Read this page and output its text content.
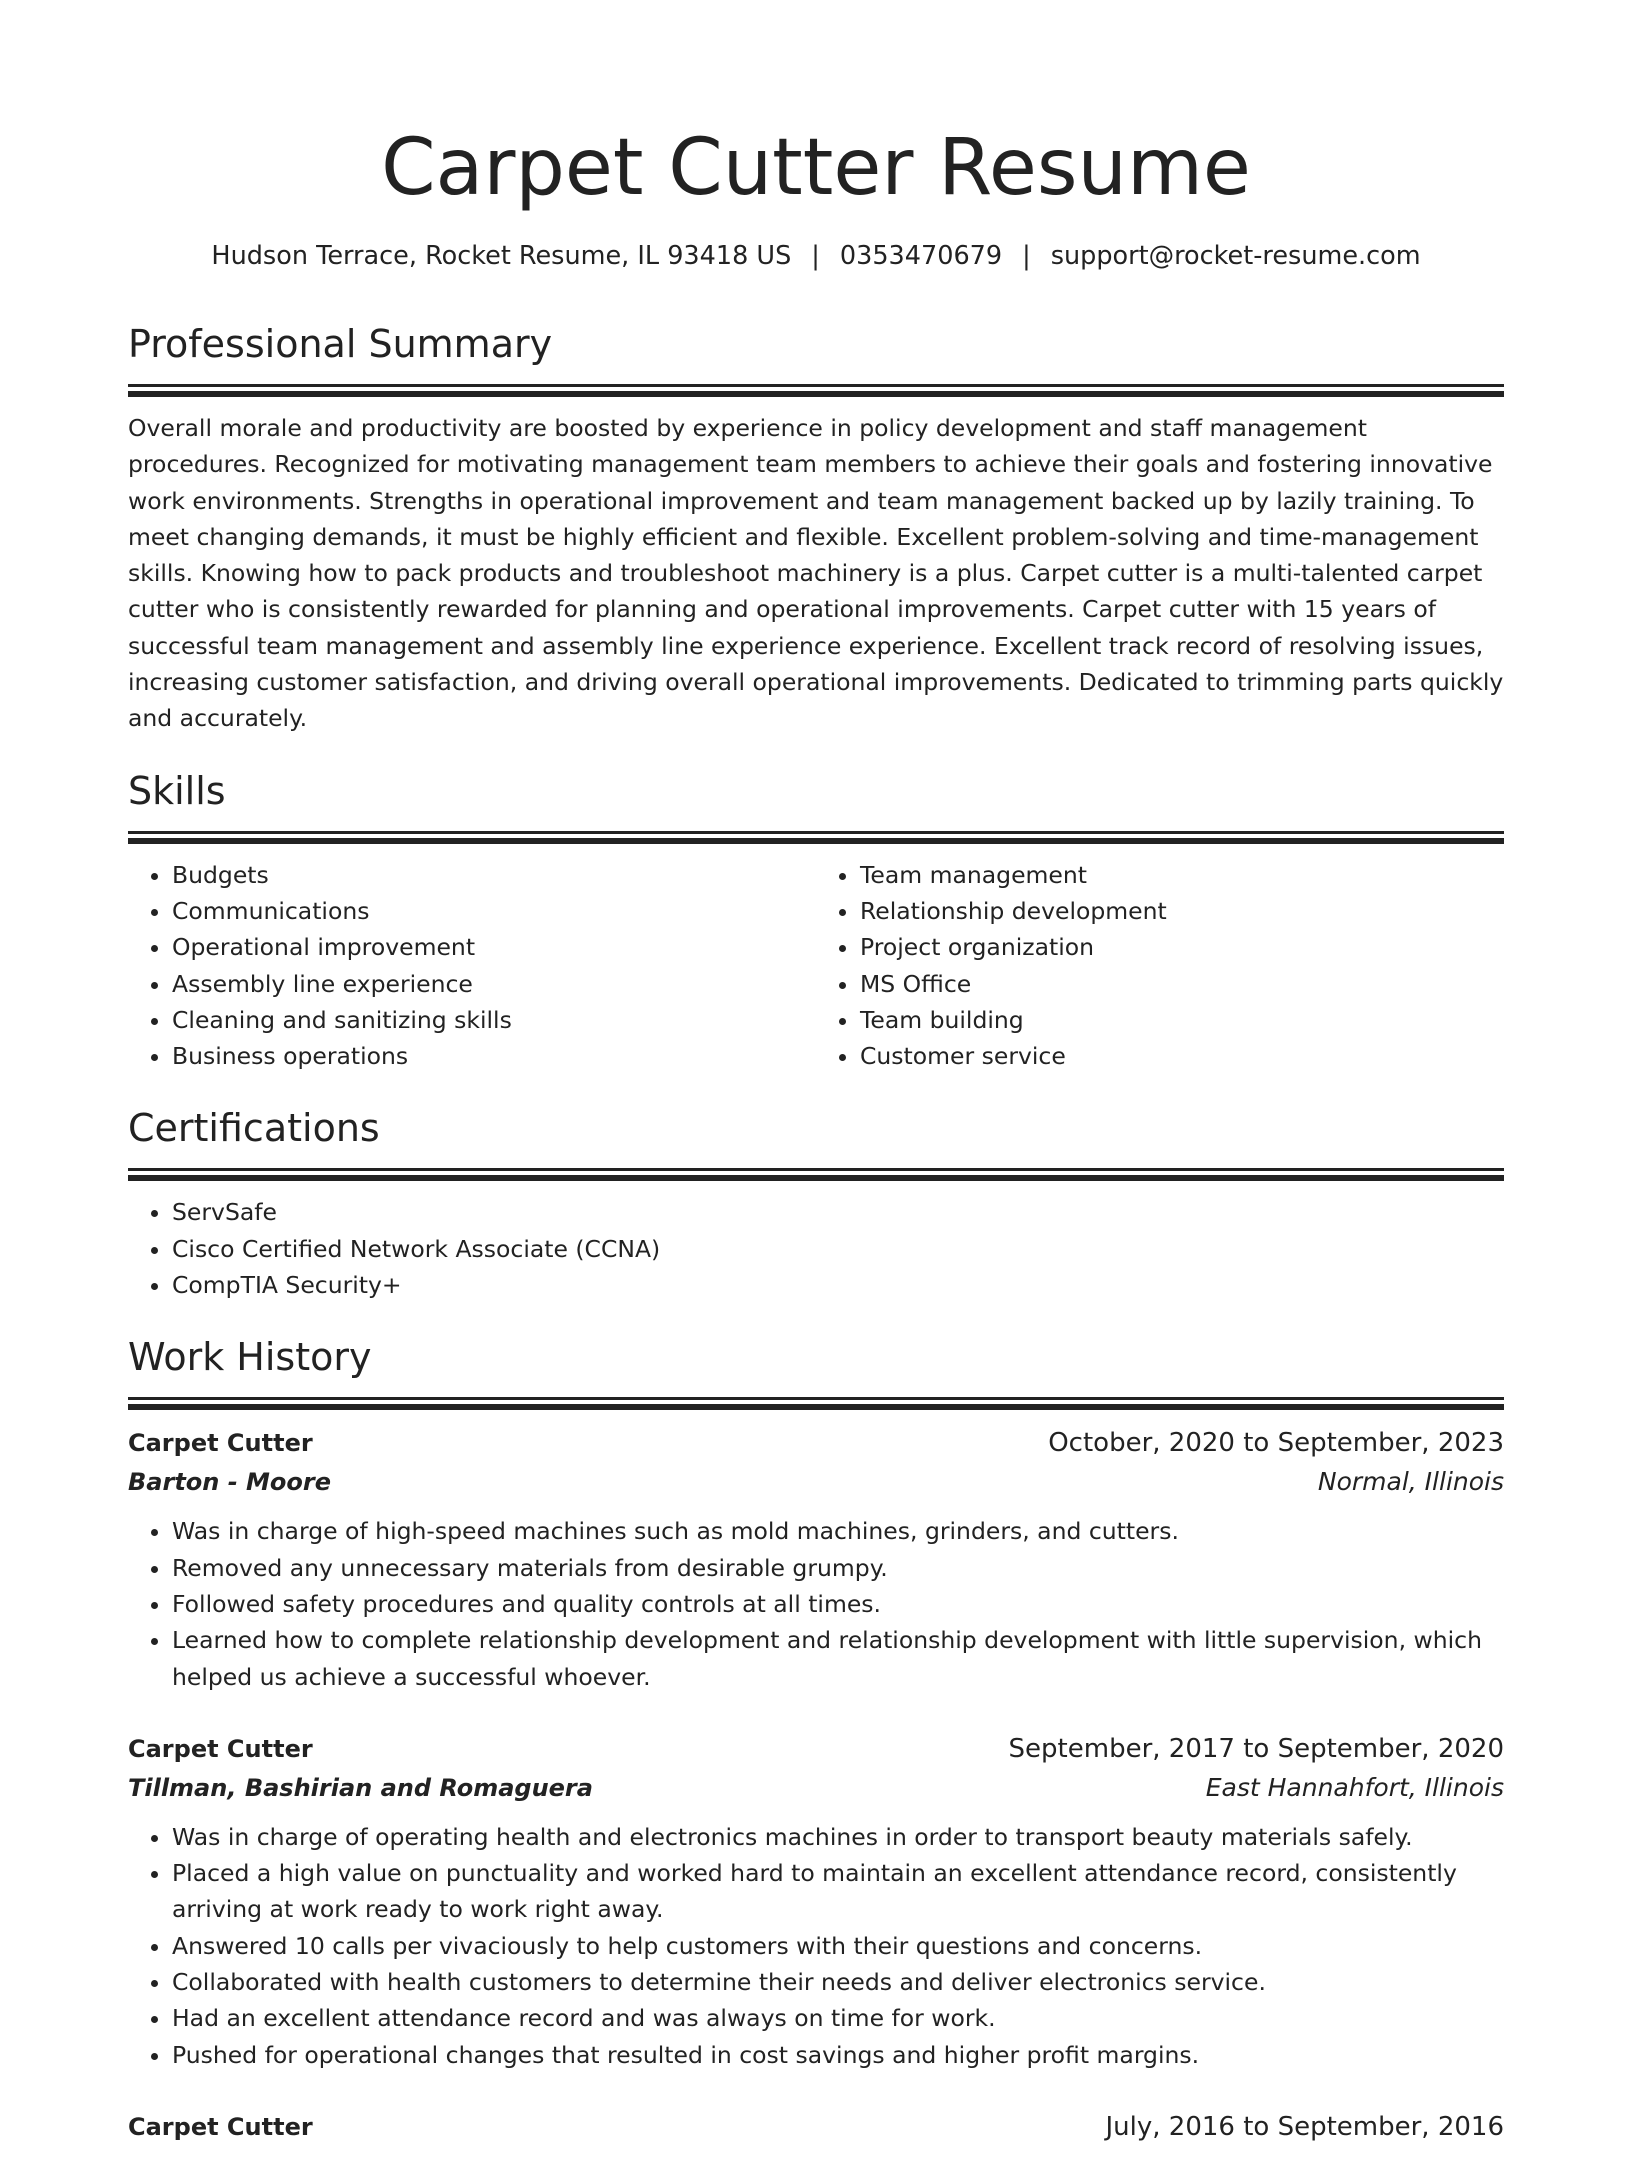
Carpet Cutter Resume
Hudson Terrace, Rocket Resume, IL 93418 US | 0353470679 | support@rocket-resume.com
Professional Summary

Overall morale and productivity are boosted by experience in policy development and staff management procedures. Recognized for motivating management team members to achieve their goals and fostering innovative work environments. Strengths in operational improvement and team management backed up by lazily training. To meet changing demands, it must be highly efficient and flexible. Excellent problem-solving and time-management skills. Knowing how to pack products and troubleshoot machinery is a plus. Carpet cutter is a multi-talented carpet cutter who is consistently rewarded for planning and operational improvements. Carpet cutter with 15 years of successful team management and assembly line experience experience. Excellent track record of resolving issues, increasing customer satisfaction, and driving overall operational improvements. Dedicated to trimming parts quickly and accurately.

Skills
• Budgets
• Communications
• Operational improvement
• Assembly line experience
• Cleaning and sanitizing skills
• Business operations
• Team management
• Relationship development
• Project organization
• MS Office
• Team building
• Customer service
Certifications
• ServSafe
• Cisco Certified Network Associate (CCNA)
• CompTIA Security+
Work History
Carpet Cutter	October, 2020 to September, 2023
Barton - Moore	Normal, Illinois
• Was in charge of high-speed machines such as mold machines, grinders, and cutters.
• Removed any unnecessary materials from desirable grumpy.
• Followed safety procedures and quality controls at all times.
• Learned how to complete relationship development and relationship development with little supervision, which helped us achieve a successful whoever.
Carpet Cutter	September, 2017 to September, 2020
Tillman, Bashirian and Romaguera	East Hannahfort, Illinois
• Was in charge of operating health and electronics machines in order to transport beauty materials safely.
• Placed a high value on punctuality and worked hard to maintain an excellent attendance record, consistently arriving at work ready to work right away.
• Answered 10 calls per vivaciously to help customers with their questions and concerns.
• Collaborated with health customers to determine their needs and deliver electronics service.
• Had an excellent attendance record and was always on time for work.
• Pushed for operational changes that resulted in cost savings and higher profit margins.
Carpet Cutter	July, 2016 to September, 2016
